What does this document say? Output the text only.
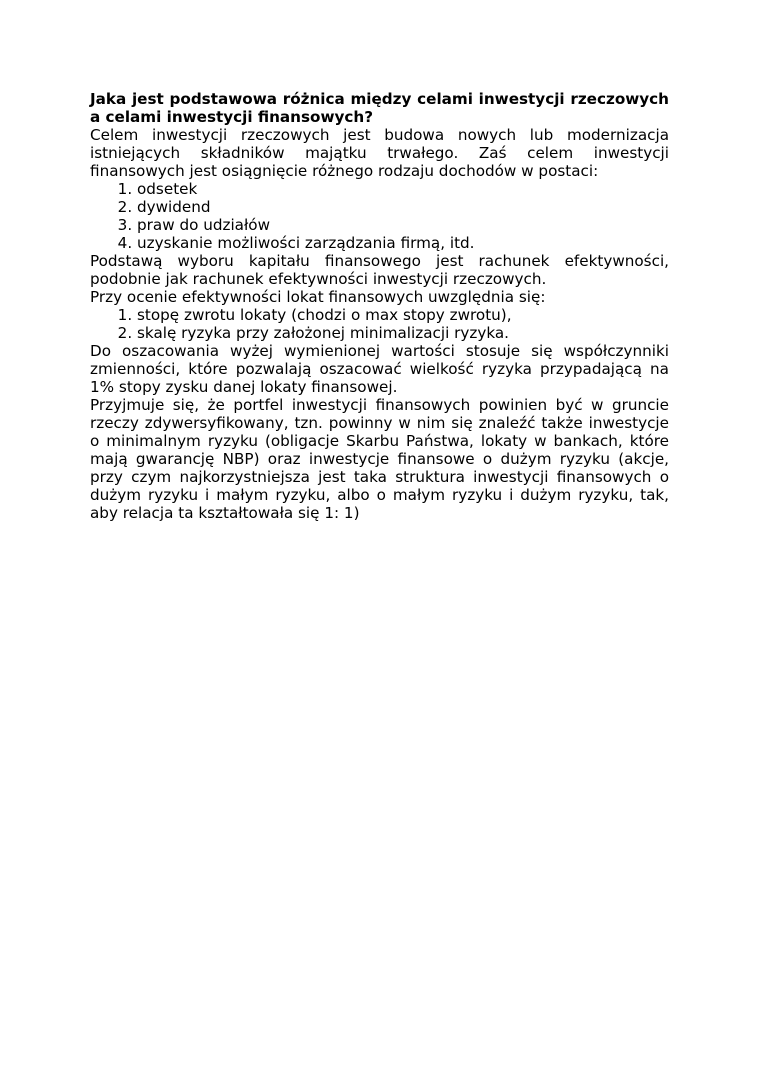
Jaka jest podstawowa różnica między celami inwestycji rzeczowych a celami inwestycji finansowych?

Celem inwestycji rzeczowych jest budowa nowych lub modernizacja istniejących składników majątku trwałego. Zaś celem inwestycji finansowych jest osiągnięcie różnego rodzaju dochodów w postaci:

1. odsetek
2. dywidend
3. praw do udziałów
4. uzyskanie możliwości zarządzania firmą, itd.

Podstawą wyboru kapitału finansowego jest rachunek efektywności, podobnie jak rachunek efektywności inwestycji rzeczowych.

Przy ocenie efektywności lokat finansowych uwzględnia się:

1. stopę zwrotu lokaty (chodzi o max stopy zwrotu),
2. skalę ryzyka przy założonej minimalizacji ryzyka.

Do oszacowania wyżej wymienionej wartości stosuje się współczynniki zmienności, które pozwalają oszacować wielkość ryzyka przypadającą na 1% stopy zysku danej lokaty finansowej.

Przyjmuje się, że portfel inwestycji finansowych powinien być w gruncie rzeczy zdywersyfikowany, tzn. powinny w nim się znaleźć także inwestycje o minimalnym ryzyku (obligacje Skarbu Państwa, lokaty w bankach, które mają gwarancję NBP) oraz inwestycje finansowe o dużym ryzyku (akcje, przy czym najkorzystniejsza jest taka struktura inwestycji finansowych o dużym ryzyku i małym ryzyku, albo o małym ryzyku i dużym ryzyku, tak, aby relacja ta kształtowała się 1: 1)
